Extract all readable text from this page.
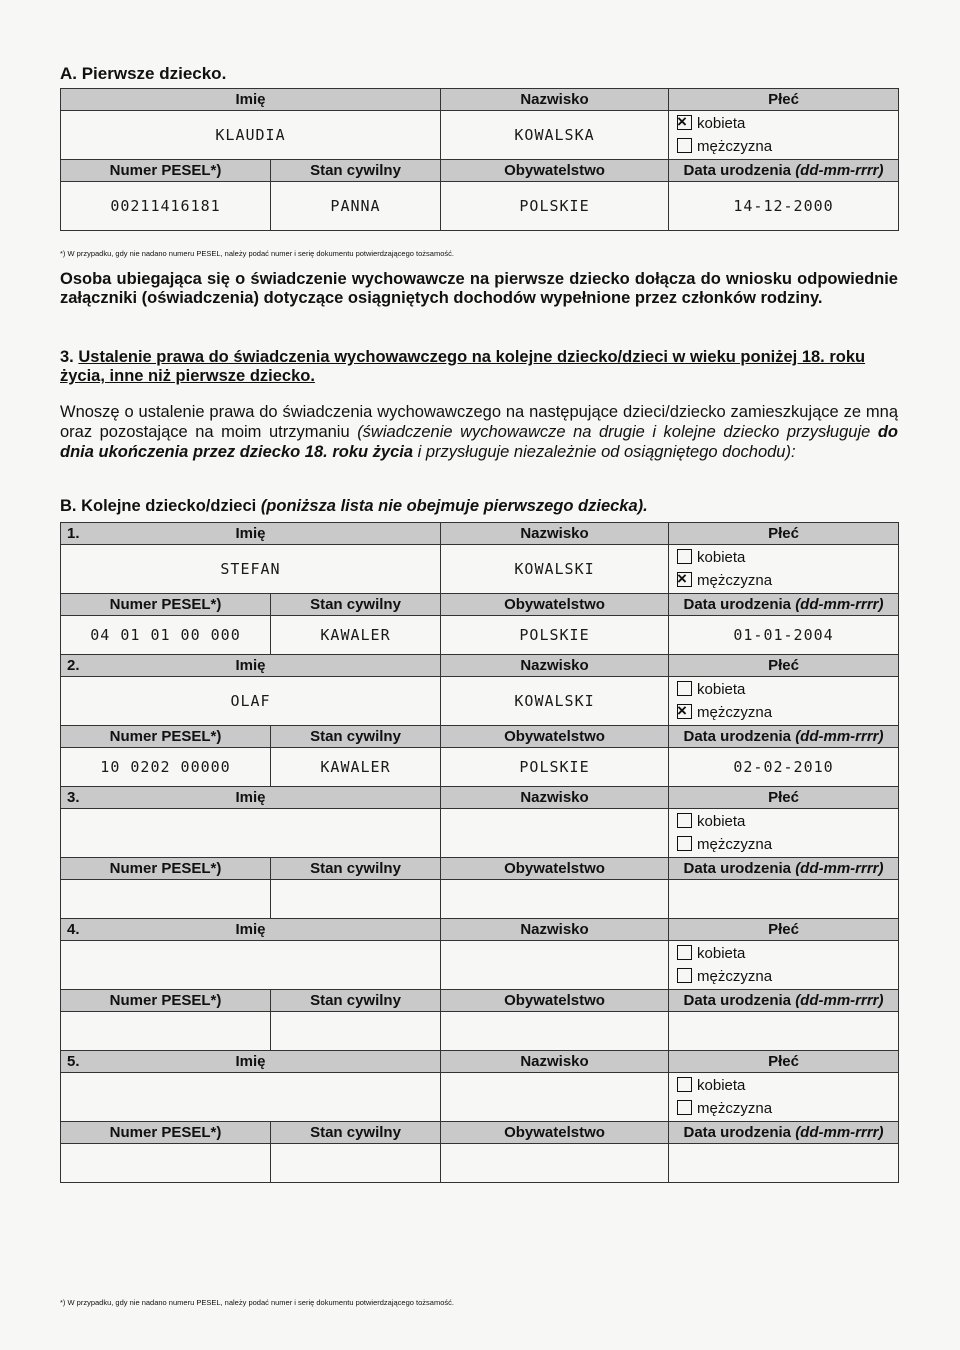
A. Pierwsze dziecko.
Imię		Nazwisko	Płeć
KLAUDIA		KOWALSKA	
×kobieta
mężczyzna

Numer PESEL*)	Stan cywilny	Obywatelstwo	Data urodzenia (dd-mm-rrrr)
00211416181	PANNA	POLSKIE	14-12-2000
*) W przypadku, gdy nie nadano numeru PESEL, należy podać numer i serię dokumentu potwierdzającego tożsamość.
Osoba ubiegająca się o świadczenie wychowawcze na pierwsze dziecko dołącza do wniosku odpowiednie załączniki (oświadczenia) dotyczące osiągniętych dochodów wypełnione przez członków rodziny.
3. Ustalenie prawa do świadczenia wychowawczego na kolejne dziecko/dzieci w wieku poniżej 18. roku życia, inne niż pierwsze dziecko.
Wnoszę o ustalenie prawa do świadczenia wychowawczego na następujące dzieci/dziecko zamieszkujące ze mną oraz pozostające na moim utrzymaniu (świadczenie wychowawcze na drugie i kolejne dziecko przysługuje do dnia ukończenia przez dziecko 18. roku życia i przysługuje niezależnie od osiągniętego dochodu):
B. Kolejne dziecko/dzieci (poniższa lista nie obejmuje pierwszego dziecka).
1. Imię		Nazwisko	Płeć
STEFAN		KOWALSKI	kobieta
×mężczyzna

Numer PESEL*)	Stan cywilny	Obywatelstwo	Data urodzenia (dd-mm-rrrr)
04 01 01 00 000	KAWALER	POLSKIE	01-01-2004

2. Imię		Nazwisko	Płeć
OLAF		KOWALSKI	kobieta
×mężczyzna

Numer PESEL*)	Stan cywilny	Obywatelstwo	Data urodzenia (dd-mm-rrrr)
10 0202 00000	KAWALER	POLSKIE	02-02-2010

3. Imię		Nazwisko	Płeć

			kobieta
mężczyzna

Numer PESEL*)	Stan cywilny	Obywatelstwo	Data urodzenia (dd-mm-rrrr)

4. Imię		Nazwisko	Płeć

			kobieta
mężczyzna

Numer PESEL*)	Stan cywilny	Obywatelstwo	Data urodzenia (dd-mm-rrrr)

5. Imię		Nazwisko	Płeć

			kobieta
mężczyzna

Numer PESEL*)	Stan cywilny	Obywatelstwo	Data urodzenia (dd-mm-rrrr)

*) W przypadku, gdy nie nadano numeru PESEL, należy podać numer i serię dokumentu potwierdzającego tożsamość.
